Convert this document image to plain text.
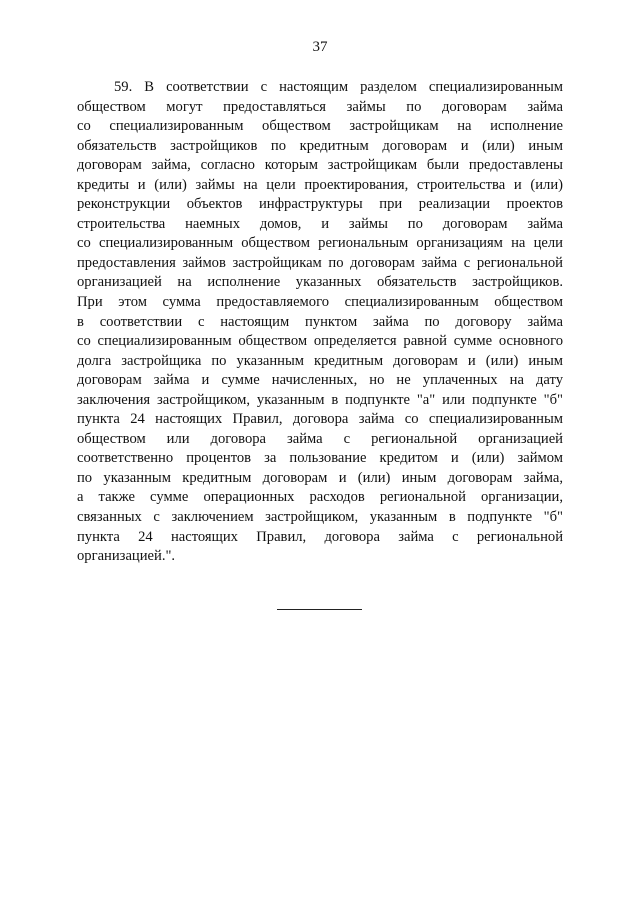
37
59. В соответствии с настоящим разделом специализированным
обществом могут предоставляться займы по договорам займа
со специализированным обществом застройщикам на исполнение
обязательств застройщиков по кредитным договорам и (или) иным
договорам займа, согласно которым застройщикам были предоставлены
кредиты и (или) займы на цели проектирования, строительства и (или)
реконструкции объектов инфраструктуры при реализации проектов
строительства наемных домов, и займы по договорам займа
со специализированным обществом региональным организациям на цели
предоставления займов застройщикам по договорам займа с региональной
организацией на исполнение указанных обязательств застройщиков.
При этом сумма предоставляемого специализированным обществом
в соответствии с настоящим пунктом займа по договору займа
со специализированным обществом определяется равной сумме основного
долга застройщика по указанным кредитным договорам и (или) иным
договорам займа и сумме начисленных, но не уплаченных на дату
заключения застройщиком, указанным в подпункте "а" или подпункте "б"
пункта 24 настоящих Правил, договора займа со специализированным
обществом или договора займа с региональной организацией
соответственно процентов за пользование кредитом и (или) займом
по указанным кредитным договорам и (или) иным договорам займа,
а также сумме операционных расходов региональной организации,
связанных с заключением застройщиком, указанным в подпункте "б"
пункта 24 настоящих Правил, договора займа с региональной
организацией.".
